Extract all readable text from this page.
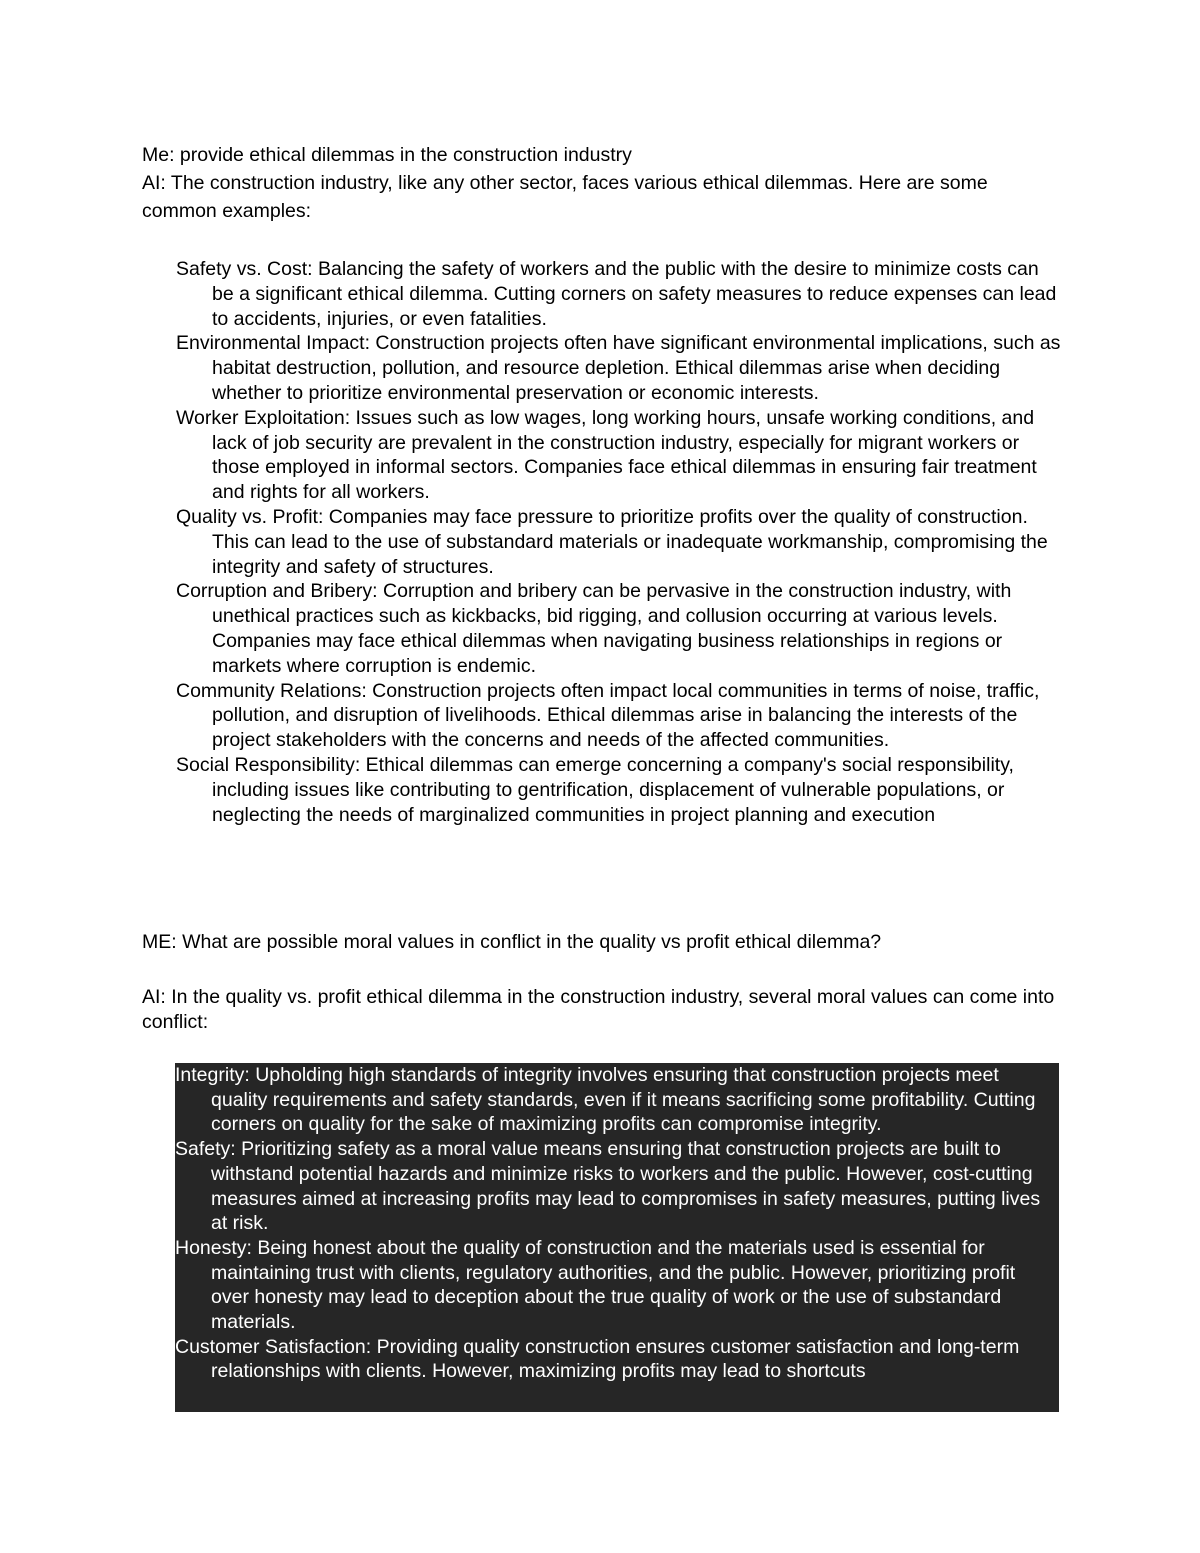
Me: provide ethical dilemmas in the construction industry

AI: The construction industry, like any other sector, faces various ethical dilemmas. Here are some common examples:

Safety vs. Cost: Balancing the safety of workers and the public with the desire to minimize costs can be a significant ethical dilemma. Cutting corners on safety measures to reduce expenses can lead to accidents, injuries, or even fatalities.
Environmental Impact: Construction projects often have significant environmental implications, such as habitat destruction, pollution, and resource depletion. Ethical dilemmas arise when deciding whether to prioritize environmental preservation or economic interests.
Worker Exploitation: Issues such as low wages, long working hours, unsafe working conditions, and lack of job security are prevalent in the construction industry, especially for migrant workers or those employed in informal sectors. Companies face ethical dilemmas in ensuring fair treatment and rights for all workers.
Quality vs. Profit: Companies may face pressure to prioritize profits over the quality of construction. This can lead to the use of substandard materials or inadequate workmanship, compromising the integrity and safety of structures.
Corruption and Bribery: Corruption and bribery can be pervasive in the construction industry, with unethical practices such as kickbacks, bid rigging, and collusion occurring at various levels. Companies may face ethical dilemmas when navigating business relationships in regions or markets where corruption is endemic.
Community Relations: Construction projects often impact local communities in terms of noise, traffic, pollution, and disruption of livelihoods. Ethical dilemmas arise in balancing the interests of the project stakeholders with the concerns and needs of the affected communities.
Social Responsibility: Ethical dilemmas can emerge concerning a company's social responsibility, including issues like contributing to gentrification, displacement of vulnerable populations, or neglecting the needs of marginalized communities in project planning and execution

ME: What are possible moral values in conflict in the quality vs profit ethical dilemma?

AI: In the quality vs. profit ethical dilemma in the construction industry, several moral values can come into conflict:

Integrity: Upholding high standards of integrity involves ensuring that construction projects meet quality requirements and safety standards, even if it means sacrificing some profitability. Cutting corners on quality for the sake of maximizing profits can compromise integrity.
Safety: Prioritizing safety as a moral value means ensuring that construction projects are built to withstand potential hazards and minimize risks to workers and the public. However, cost-cutting measures aimed at increasing profits may lead to compromises in safety measures, putting lives at risk.
Honesty: Being honest about the quality of construction and the materials used is essential for maintaining trust with clients, regulatory authorities, and the public. However, prioritizing profit over honesty may lead to deception about the true quality of work or the use of substandard materials.
Customer Satisfaction: Providing quality construction ensures customer satisfaction and long-term relationships with clients. However, maximizing profits may lead to shortcuts
